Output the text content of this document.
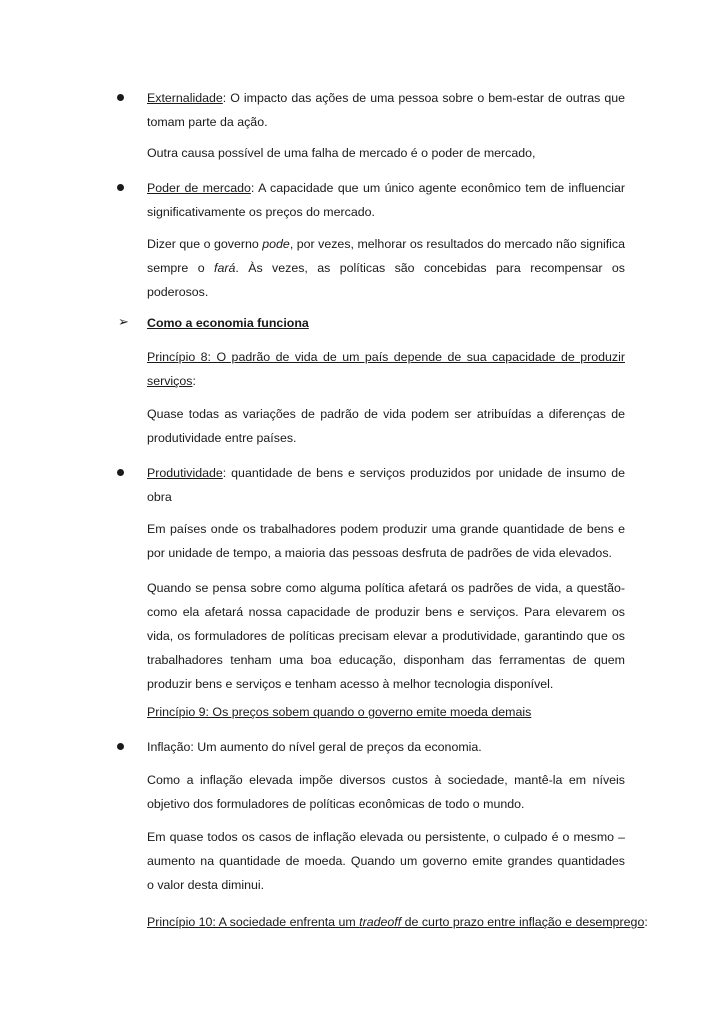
Externalidade: O impacto das ações de uma pessoa sobre o bem-estar de outras que
tomam parte da ação.
Outra causa possível de uma falha de mercado é o poder de mercado,
Poder de mercado: A capacidade que um único agente econômico tem de influenciar
significativamente os preços do mercado.
Dizer que o governo pode, por vezes, melhorar os resultados do mercado não significa
sempre o fará. Às vezes, as políticas são concebidas para recompensar os
poderosos.
➢ Como a economia funciona
Princípio 8: O padrão de vida de um país depende de sua capacidade de produzir
serviços:
Quase todas as variações de padrão de vida podem ser atribuídas a diferenças de
produtividade entre países.
Produtividade: quantidade de bens e serviços produzidos por unidade de insumo de
obra
Em países onde os trabalhadores podem produzir uma grande quantidade de bens e
por unidade de tempo, a maioria das pessoas desfruta de padrões de vida elevados.
Quando se pensa sobre como alguma política afetará os padrões de vida, a questão-
como ela afetará nossa capacidade de produzir bens e serviços. Para elevarem os
vida, os formuladores de políticas precisam elevar a produtividade, garantindo que os
trabalhadores tenham uma boa educação, disponham das ferramentas de quem
produzir bens e serviços e tenham acesso à melhor tecnologia disponível.
Princípio 9: Os preços sobem quando o governo emite moeda demais
Inflação: Um aumento do nível geral de preços da economia.
Como a inflação elevada impõe diversos custos à sociedade, mantê-la em níveis
objetivo dos formuladores de políticas econômicas de todo o mundo.
Em quase todos os casos de inflação elevada ou persistente, o culpado é o mesmo –
aumento na quantidade de moeda. Quando um governo emite grandes quantidades
o valor desta diminui.
Princípio 10: A sociedade enfrenta um tradeoff de curto prazo entre inflação e desemprego:
